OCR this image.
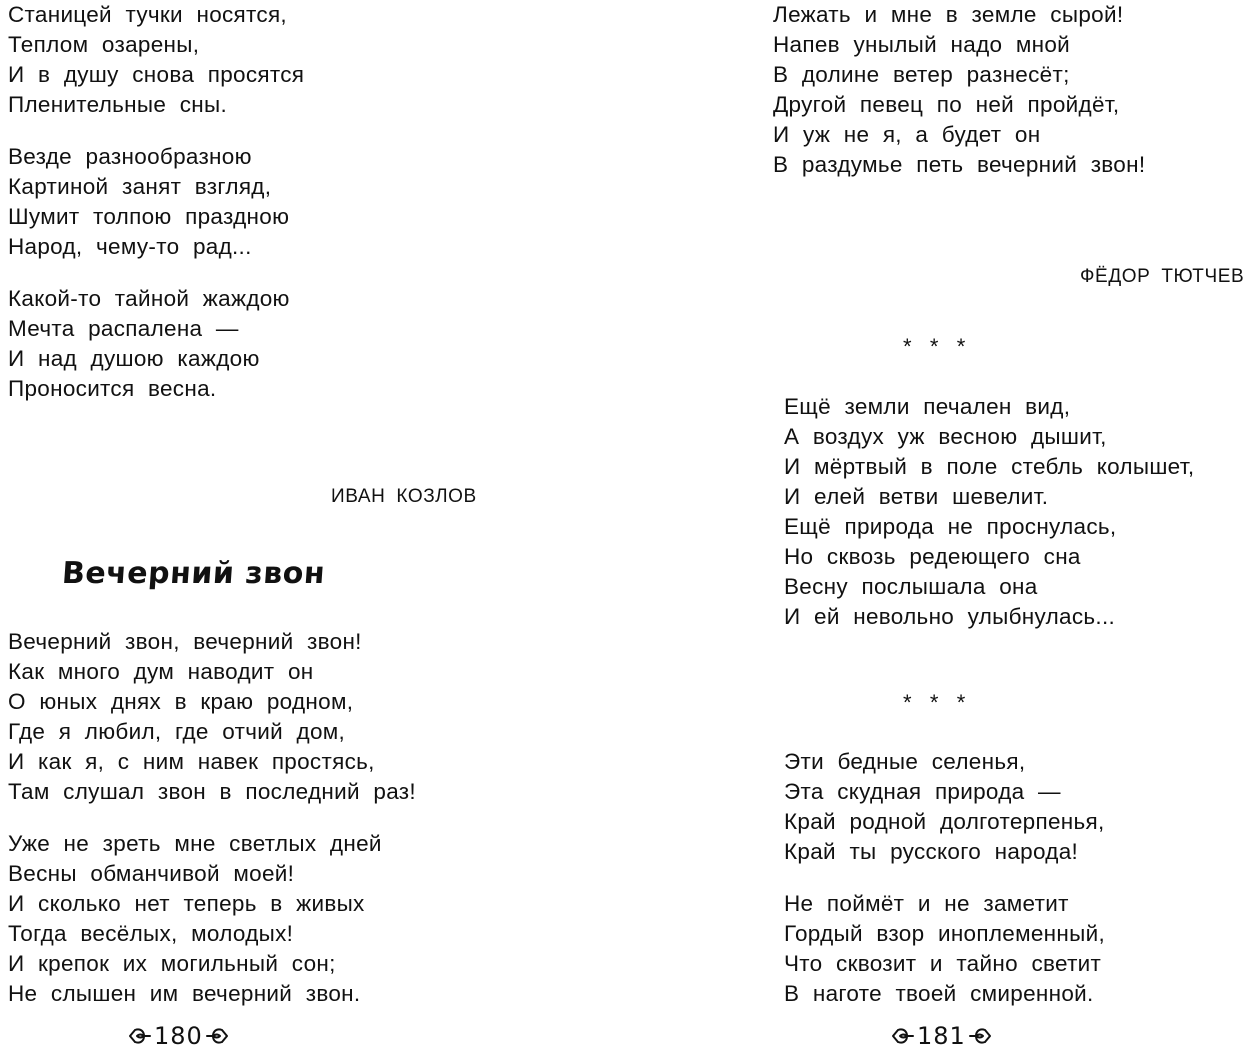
Станицей тучки носятся,
Теплом озарены,
И в душу снова просятся
Пленительные сны.
Везде разнообразною
Картиной занят взгляд,
Шумит толпою праздною
Народ, чему-то рад...
Какой-то тайной жаждою
Мечта распалена —
И над душою каждою
Проносится весна.
ИВАН КОЗЛОВ
Вечерний звон
Вечерний звон, вечерний звон!
Как много дум наводит он
О юных днях в краю родном,
Где я любил, где отчий дом,
И как я, с ним навек простясь,
Там слушал звон в последний раз!
Уже не зреть мне светлых дней
Весны обманчивой моей!
И сколько нет теперь в живых
Тогда весёлых, молодых!
И крепок их могильный сон;
Не слышен им вечерний звон.
180
Лежать и мне в земле сырой!
Напев унылый надо мной
В долине ветер разнесёт;
Другой певец по ней пройдёт,
И уж не я, а будет он
В раздумье петь вечерний звон!
ФЁДОР ТЮТЧЕВ
*   *   *
Ещё земли печален вид,
А воздух уж весною дышит,
И мёртвый в поле стебль колышет,
И елей ветви шевелит.
Ещё природа не проснулась,
Но сквозь редеющего сна
Весну послышала она
И ей невольно улыбнулась...
*   *   *
Эти бедные селенья,
Эта скудная природа —
Край родной долготерпенья,
Край ты русского народа!
Не поймёт и не заметит
Гордый взор иноплеменный,
Что сквозит и тайно светит
В наготе твоей смиренной.
181
